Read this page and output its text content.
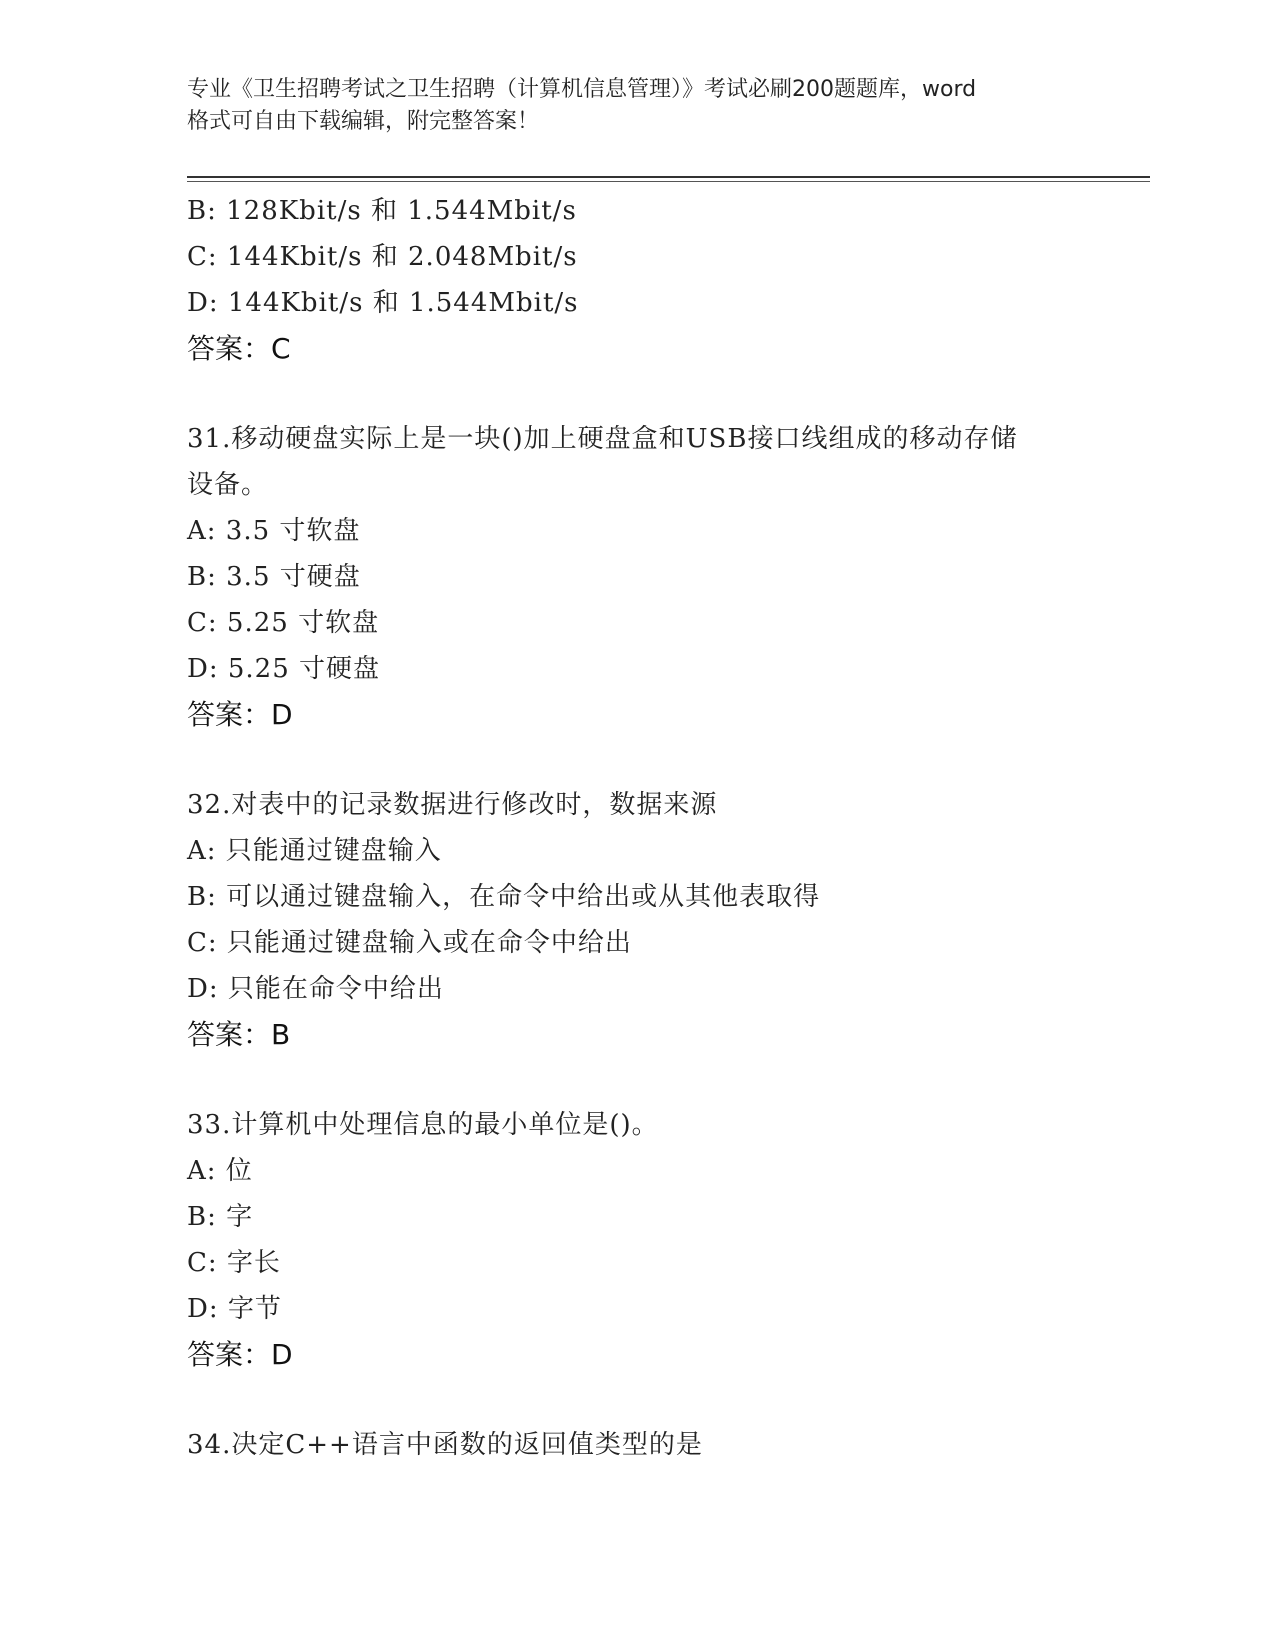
专业《卫生招聘考试之卫生招聘（计算机信息管理）》考试必刷200题题库，word
格式可自由下载编辑，附完整答案！
B: 128Kbit/s 和 1.544Mbit/s
C: 144Kbit/s 和 2.048Mbit/s
D: 144Kbit/s 和 1.544Mbit/s
答案：C
31.移动硬盘实际上是一块()加上硬盘盒和USB接口线组成的移动存储
设备。
A: 3.5 寸软盘
B: 3.5 寸硬盘
C: 5.25 寸软盘
D: 5.25 寸硬盘
答案：D
32.对表中的记录数据进行修改时，数据来源
A: 只能通过键盘输入
B: 可以通过键盘输入，在命令中给出或从其他表取得
C: 只能通过键盘输入或在命令中给出
D: 只能在命令中给出
答案：B
33.计算机中处理信息的最小单位是()。
A: 位
B: 字
C: 字长
D: 字节
答案：D
34.决定C++语言中函数的返回值类型的是
